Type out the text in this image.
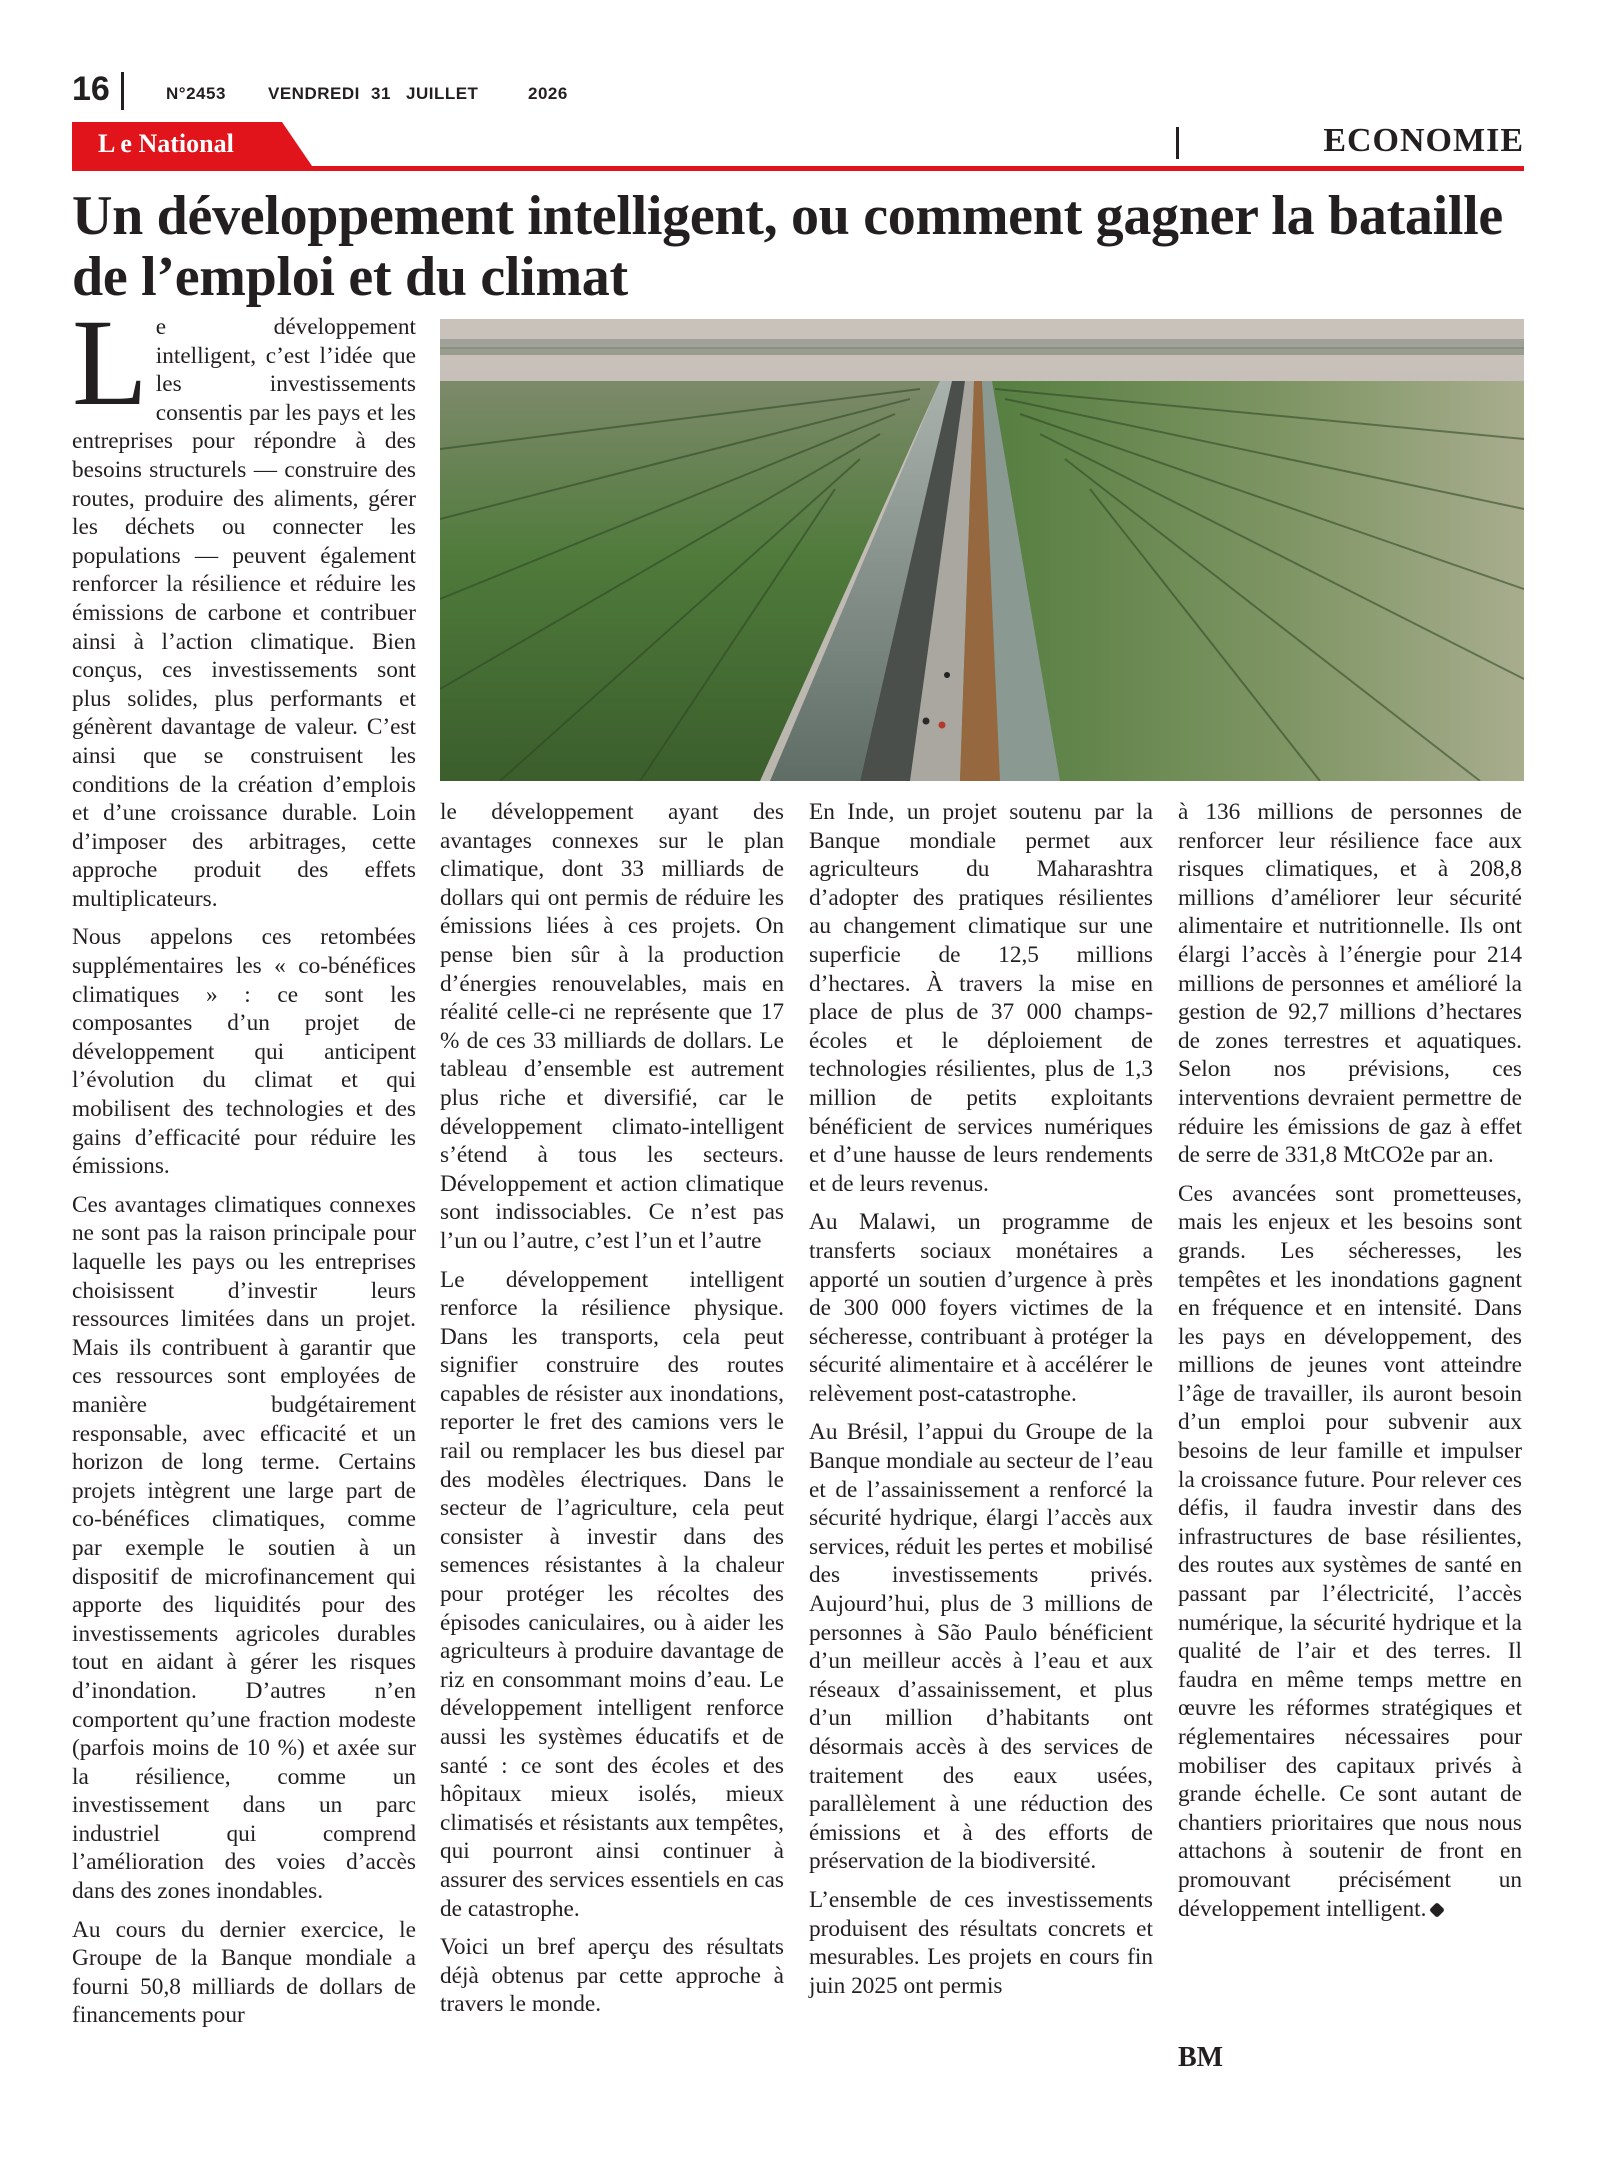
16	N°2453 VENDREDI 31 JUILLET	2026
L e National	ECONOMIE
Un développement intelligent, ou comment gagner la bataille de l’emploi et du climat

Le développement intelligent, c’est l’idée que les investissements consentis par les pays et les entreprises pour répondre à des besoins structurels — construire des routes, produire des aliments, gérer les déchets ou connecter les populations — peuvent également renforcer la résilience et réduire les émissions de carbone et contribuer ainsi à l’action climatique. Bien conçus, ces investissements sont plus solides, plus performants et génèrent davantage de valeur. C’est ainsi que se construisent les conditions de la création d’emplois et d’une croissance durable. Loin d’imposer des arbitrages, cette approche produit des effets multiplicateurs.

Nous appelons ces retombées supplémentaires les « co-bénéfices climatiques » : ce sont les composantes d’un projet de développement qui anticipent l’évolution du climat et qui mobilisent des technologies et des gains d’efficacité pour réduire les émissions.

Ces avantages climatiques connexes ne sont pas la raison principale pour laquelle les pays ou les entreprises choisissent d’investir leurs ressources limitées dans un projet. Mais ils contribuent à garantir que ces ressources sont employées de manière budgétairement responsable, avec efficacité et un horizon de long terme. Certains projets intègrent une large part de co-bénéfices climatiques, comme par exemple le soutien à un dispositif de microfinancement qui apporte des liquidités pour des investissements agricoles durables tout en aidant à gérer les risques d’inondation. D’autres n’en comportent qu’une fraction modeste (parfois moins de 10 %) et axée sur la résilience, comme un investissement dans un parc industriel qui comprend l’amélioration des voies d’accès dans des zones inondables.

Au cours du dernier exercice, le Groupe de la Banque mondiale a fourni 50,8 milliards de dollars de financements pour

le développement ayant des avantages connexes sur le plan climatique, dont 33 milliards de dollars qui ont permis de réduire les émissions liées à ces projets. On pense bien sûr à la production d’énergies renouvelables, mais en réalité celle-ci ne représente que 17 % de ces 33 milliards de dollars. Le tableau d’ensemble est autrement plus riche et diversifié, car le développement climato-intelligent s’étend à tous les secteurs. Développement et action climatique sont indissociables. Ce n’est pas l’un ou l’autre, c’est l’un et l’autre

Le développement intelligent renforce la résilience physique. Dans les transports, cela peut signifier construire des routes capables de résister aux inondations, reporter le fret des camions vers le rail ou remplacer les bus diesel par des modèles électriques. Dans le secteur de l’agriculture, cela peut consister à investir dans des semences résistantes à la chaleur pour protéger les récoltes des épisodes caniculaires, ou à aider les agriculteurs à produire davantage de riz en consommant moins d’eau. Le développement intelligent renforce aussi les systèmes éducatifs et de santé : ce sont des écoles et des hôpitaux mieux isolés, mieux climatisés et résistants aux tempêtes, qui pourront ainsi continuer à assurer des services essentiels en cas de catastrophe.

Voici un bref aperçu des résultats déjà obtenus par cette approche à travers le monde.

En Inde, un projet soutenu par la Banque mondiale permet aux agriculteurs du Maharashtra d’adopter des pratiques résilientes au changement climatique sur une superficie de 12,5 millions d’hectares. À travers la mise en place de plus de 37 000 champs-écoles et le déploiement de technologies résilientes, plus de 1,3 million de petits exploitants bénéficient de services numériques et d’une hausse de leurs rendements et de leurs revenus.

Au Malawi, un programme de transferts sociaux monétaires a apporté un soutien d’urgence à près de 300 000 foyers victimes de la sécheresse, contribuant à protéger la sécurité alimentaire et à accélérer le relèvement post-catastrophe.

Au Brésil, l’appui du Groupe de la Banque mondiale au secteur de l’eau et de l’assainissement a renforcé la sécurité hydrique, élargi l’accès aux services, réduit les pertes et mobilisé des investissements privés. Aujourd’hui, plus de 3 millions de personnes à São Paulo bénéficient d’un meilleur accès à l’eau et aux réseaux d’assainissement, et plus d’un million d’habitants ont désormais accès à des services de traitement des eaux usées, parallèlement à une réduction des émissions et à des efforts de préservation de la biodiversité.

L’ensemble de ces investissements produisent des résultats concrets et mesurables. Les projets en cours fin juin 2025 ont permis

à 136 millions de personnes de renforcer leur résilience face aux risques climatiques, et à 208,8 millions d’améliorer leur sécurité alimentaire et nutritionnelle. Ils ont élargi l’accès à l’énergie pour 214 millions de personnes et amélioré la gestion de 92,7 millions d’hectares de zones terrestres et aquatiques. Selon nos prévisions, ces interventions devraient permettre de réduire les émissions de gaz à effet de serre de 331,8 MtCO2e par an.

Ces avancées sont prometteuses, mais les enjeux et les besoins sont grands. Les sécheresses, les tempêtes et les inondations gagnent en fréquence et en intensité. Dans les pays en développement, des millions de jeunes vont atteindre l’âge de travailler, ils auront besoin d’un emploi pour subvenir aux besoins de leur famille et impulser la croissance future. Pour relever ces défis, il faudra investir dans des infrastructures de base résilientes, des routes aux systèmes de santé en passant par l’électricité, l’accès numérique, la sécurité hydrique et la qualité de l’air et des terres. Il faudra en même temps mettre en œuvre les réformes stratégiques et réglementaires nécessaires pour mobiliser des capitaux privés à grande échelle. Ce sont autant de chantiers prioritaires que nous nous attachons à soutenir de front en promouvant précisément un développement intelligent.

BM
